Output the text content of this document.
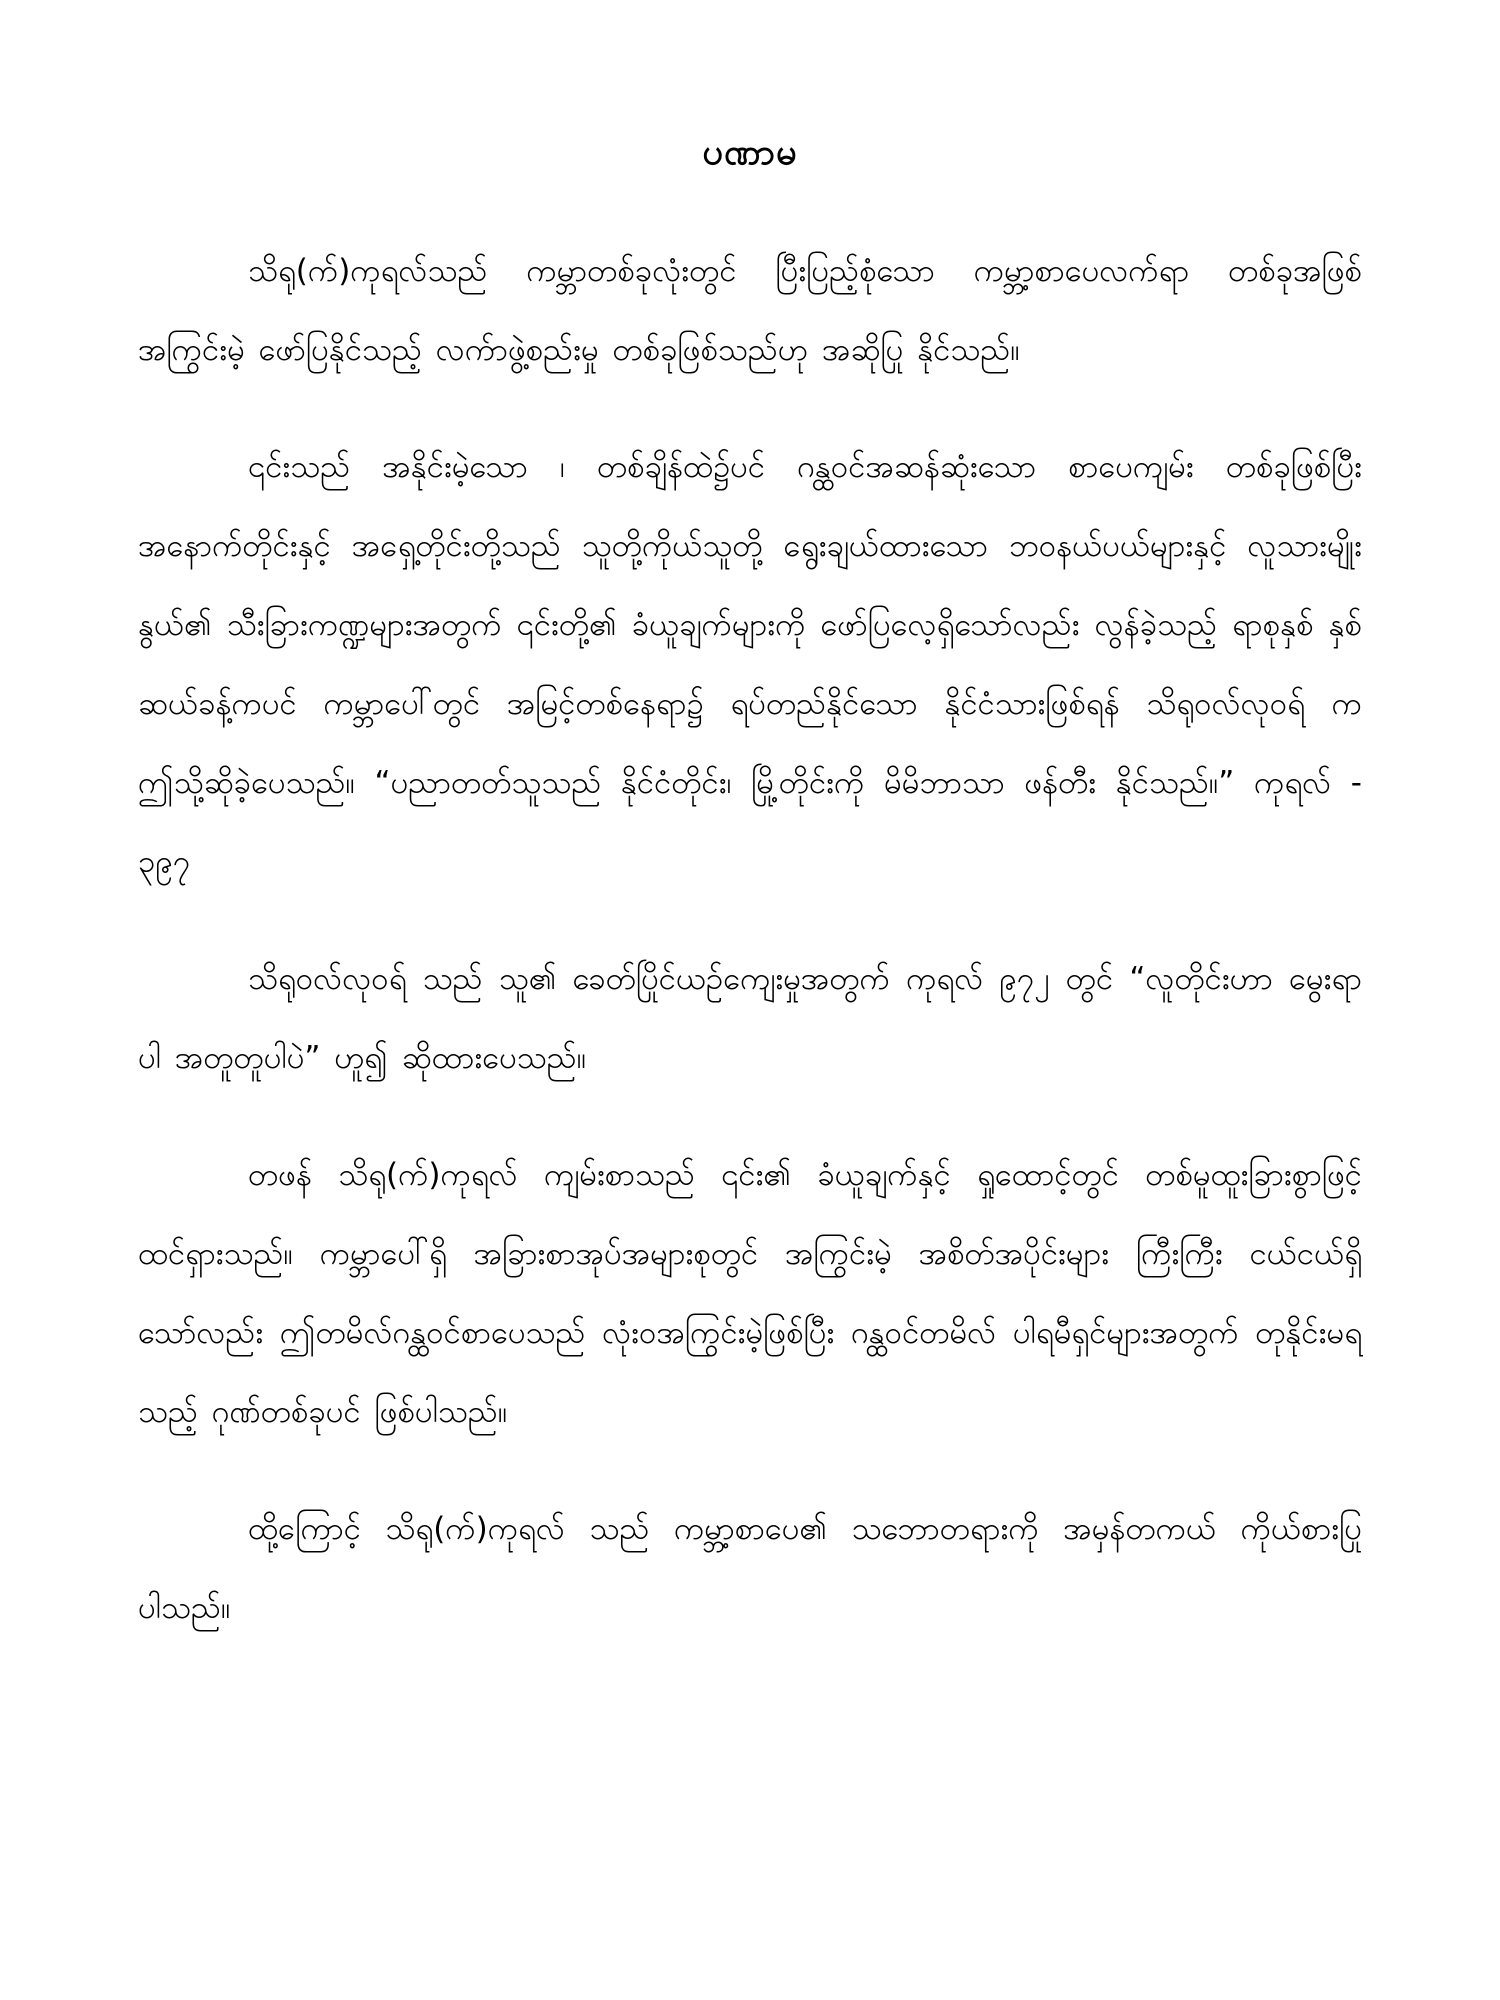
ပဏာမ

သိရု(က်)ကုရလ်သည် ကမ္ဘာတစ်ခုလုံးတွင် ပြီးပြည့်စုံသော ကမ္ဘာ့စာပေလက်ရာ တစ်ခုအဖြစ် အကြွင်းမဲ့ ဖော်ပြနိုင်သည့် လက်ာဖွဲ့စည်းမှု တစ်ခုဖြစ်သည်ဟု အဆိုပြု နိုင်သည်။

၎င်းသည် အနိုင်းမဲ့သော ၊ တစ်ချိန်ထဲ၌ပင် ဂန္ထဝင်အဆန်ဆုံးသော စာပေကျမ်း တစ်ခုဖြစ်ပြီး အနောက်တိုင်းနှင့် အရှေ့တိုင်းတို့သည် သူတို့ကိုယ်သူတို့ ရွေးချယ်ထားသော ဘဝနယ်ပယ်များနှင့် လူသားမျိုးနွယ်၏ သီးခြားကဏ္ဍများအတွက် ၎င်းတို့၏ ခံယူချက်များကို ဖော်ပြလေ့ရှိသော်လည်း လွန်ခဲ့သည့် ရာစုနှစ် နှစ်ဆယ်ခန့်ကပင် ကမ္ဘာပေါ်တွင် အမြင့်တစ်နေရာ၌ ရပ်တည်နိုင်သော နိုင်ငံသားဖြစ်ရန် သိရုဝလ်လုဝရ် က ဤသို့ဆိုခဲ့ပေသည်။ “ပညာတတ်သူသည် နိုင်ငံတိုင်း၊ မြို့တိုင်းကို မိမိဘာသာ ဖန်တီး နိုင်သည်။” ကုရလ် - ၃၉၇

သိရုဝလ်လုဝရ် သည် သူ၏ ခေတ်ပြိုင်ယဉ်ကျေးမှုအတွက် ကုရလ် ၉၇၂ တွင် “လူတိုင်းဟာ မွေးရာပါ အတူတူပါပဲ” ဟူ၍ ဆိုထားပေသည်။

တဖန် သိရု(က်)ကုရလ် ကျမ်းစာသည် ၎င်း၏ ခံယူချက်နှင့် ရှုထောင့်တွင် တစ်မူထူးခြားစွာဖြင့် ထင်ရှားသည်။ ကမ္ဘာပေါ်ရှိ အခြားစာအုပ်အများစုတွင် အကြွင်းမဲ့ အစိတ်အပိုင်းများ ကြီးကြီး ငယ်ငယ်ရှိသော်လည်း ဤတမိလ်ဂန္ထဝင်စာပေသည် လုံးဝအကြွင်းမဲ့ဖြစ်ပြီး ဂန္ထဝင်တမိလ် ပါရမီရှင်များအတွက် တုနိုင်းမရသည့် ဂုဏ်တစ်ခုပင် ဖြစ်ပါသည်။

ထို့ကြောင့် သိရု(က်)ကုရလ် သည် ကမ္ဘာ့စာပေ၏ သဘောတရားကို အမှန်တကယ် ကိုယ်စားပြုပါသည်။
